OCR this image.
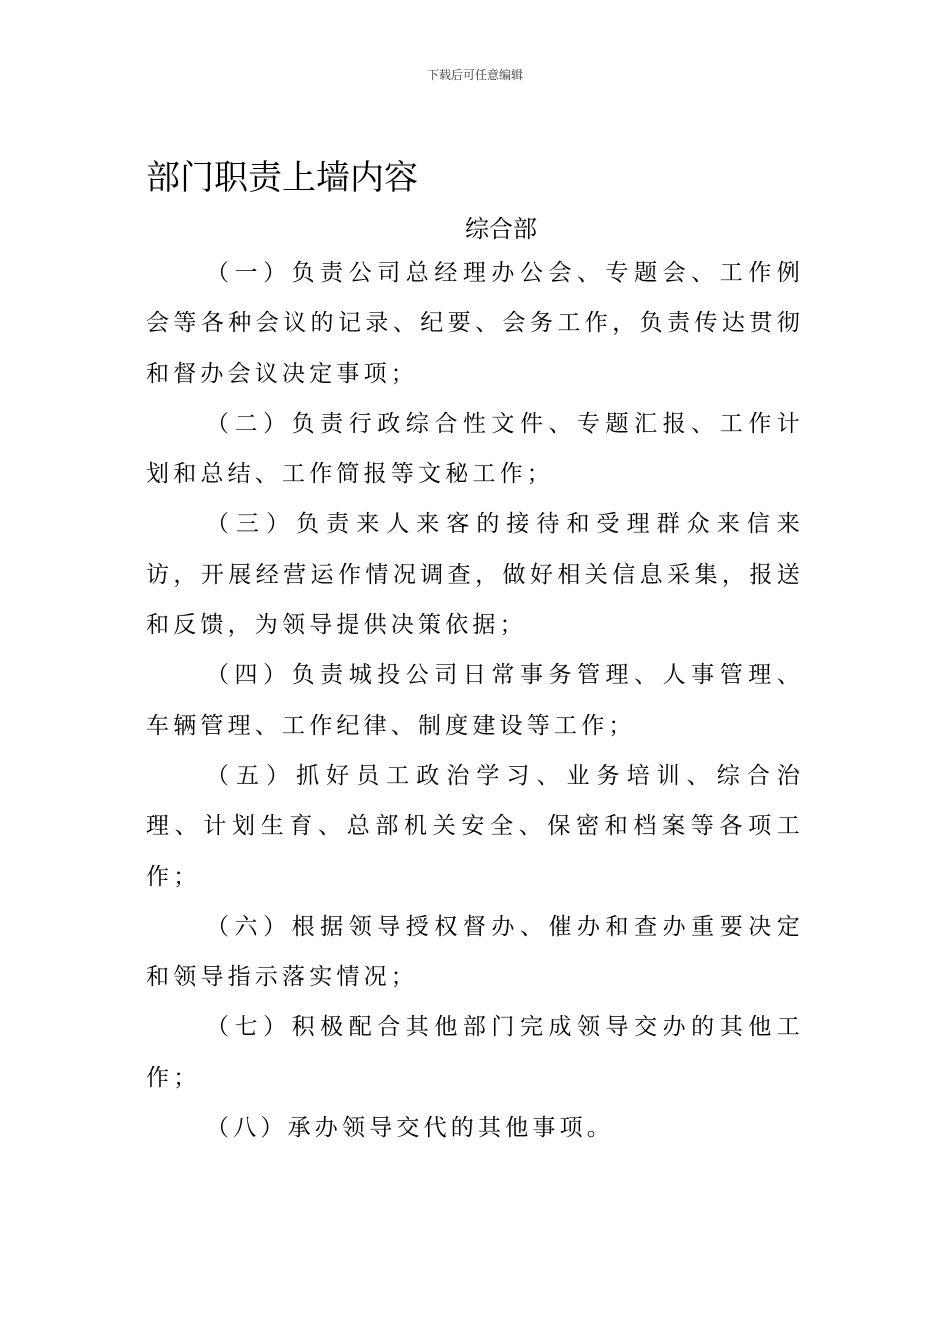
下载后可任意编辑
部门职责上墙内容
综合部

（一）负责公司总经理办公会、专题会、工作例会等各种会议的记录、纪要、会务工作，负责传达贯彻和督办会议决定事项；

（二）负责行政综合性文件、专题汇报、工作计划和总结、工作简报等文秘工作；

（三）负责来人来客的接待和受理群众来信来访，开展经营运作情况调查，做好相关信息采集，报送和反馈，为领导提供决策依据；

（四）负责城投公司日常事务管理、人事管理、车辆管理、工作纪律、制度建设等工作；

（五）抓好员工政治学习、业务培训、综合治理、计划生育、总部机关安全、保密和档案等各项工作；

（六）根据领导授权督办、催办和查办重要决定和领导指示落实情况；

（七）积极配合其他部门完成领导交办的其他工作；

（八）承办领导交代的其他事项。
